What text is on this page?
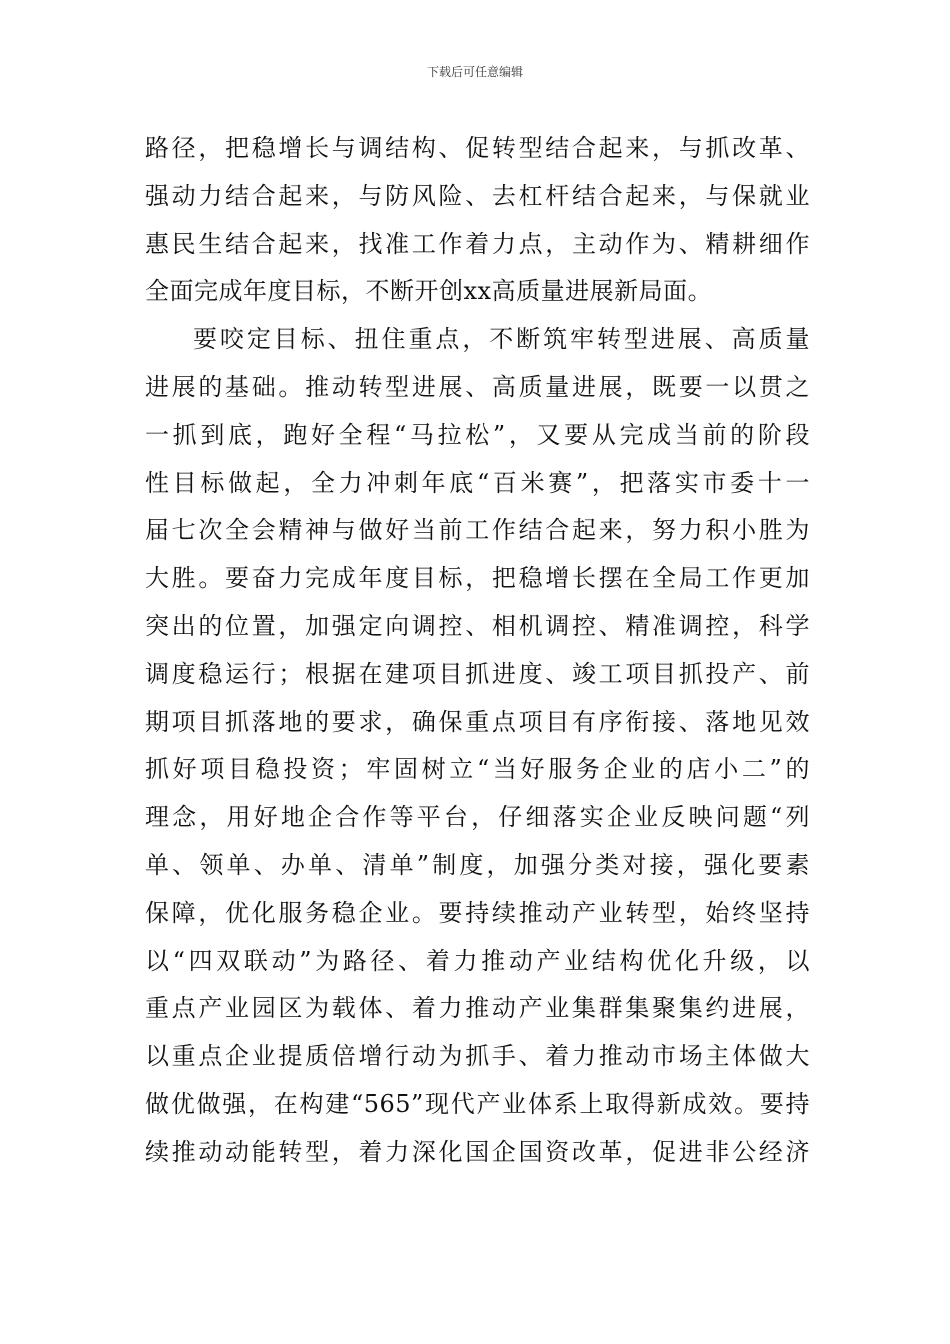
下载后可任意编辑
路径，把稳增长与调结构、促转型结合起来，与抓改革、
强动力结合起来，与防风险、去杠杆结合起来，与保就业
惠民生结合起来，找准工作着力点，主动作为、精耕细作
全面完成年度目标，不断开创xx高质量进展新局面。
要咬定目标、扭住重点，不断筑牢转型进展、高质量
进展的基础。推动转型进展、高质量进展，既要一以贯之
一抓到底，跑好全程“马拉松”，又要从完成当前的阶段
性目标做起，全力冲刺年底“百米赛”，把落实市委十一
届七次全会精神与做好当前工作结合起来，努力积小胜为
大胜。要奋力完成年度目标，把稳增长摆在全局工作更加
突出的位置，加强定向调控、相机调控、精准调控，科学
调度稳运行；根据在建项目抓进度、竣工项目抓投产、前
期项目抓落地的要求，确保重点项目有序衔接、落地见效
抓好项目稳投资；牢固树立“当好服务企业的店小二”的
理念，用好地企合作等平台，仔细落实企业反映问题“列
单、领单、办单、清单”制度，加强分类对接，强化要素
保障，优化服务稳企业。要持续推动产业转型，始终坚持
以“四双联动”为路径、着力推动产业结构优化升级，以
重点产业园区为载体、着力推动产业集群集聚集约进展，
以重点企业提质倍增行动为抓手、着力推动市场主体做大
做优做强，在构建“565”现代产业体系上取得新成效。要持
续推动动能转型，着力深化国企国资改革，促进非公经济
